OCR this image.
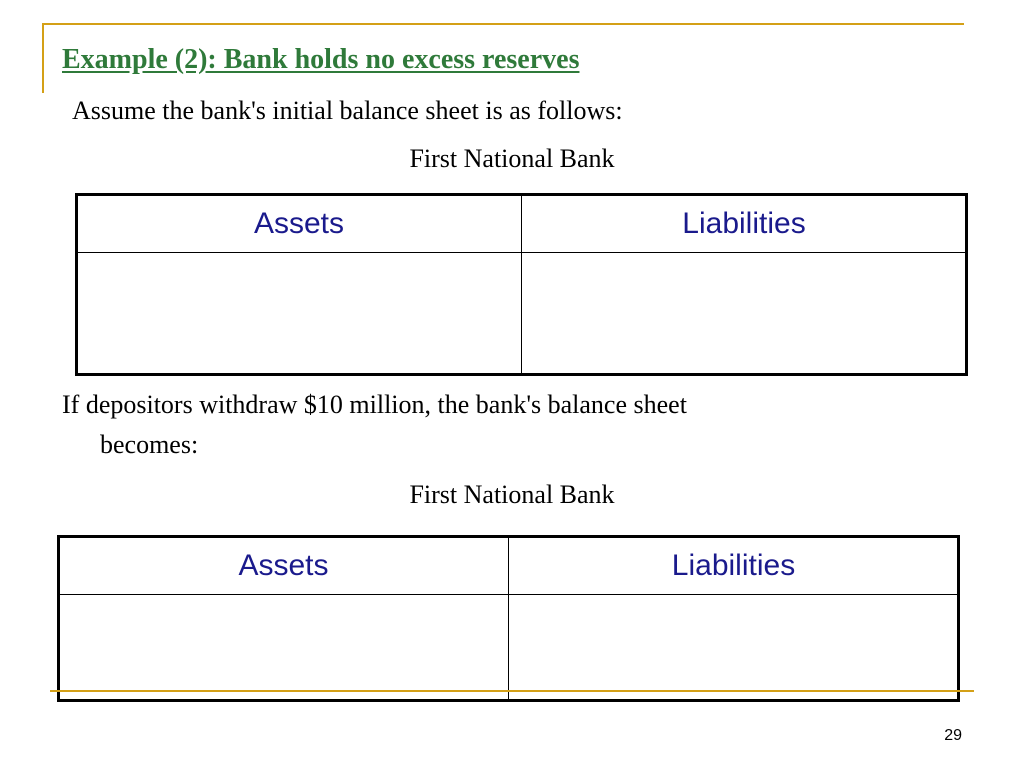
Example (2): Bank holds no excess reserves

Assume the bank's initial balance sheet is as follows:

First National Bank

Assets	Liabilities

If depositors withdraw $10 million, the bank's balance sheet

becomes:

First National Bank

Assets	Liabilities

29
